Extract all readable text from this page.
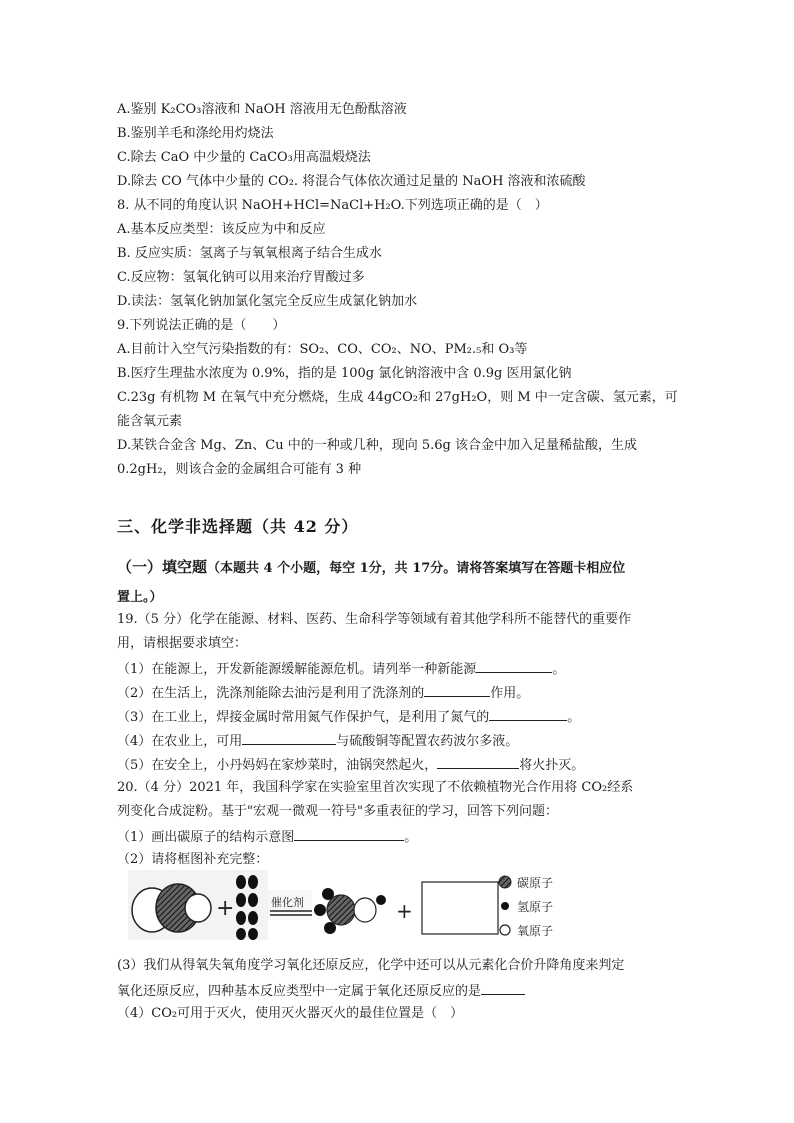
A.鉴别 K₂CO₃溶液和 NaOH 溶液用无色酚酞溶液
B.鉴别羊毛和涤纶用灼烧法
C.除去 CaO 中少量的 CaCO₃用高温煅烧法
D.除去 CO 气体中少量的 CO₂. 将混合气体依次通过足量的 NaOH 溶液和浓硫酸
8. 从不同的角度认识 NaOH+HCl=NaCl+H₂O.下列选项正确的是（　）
A.基本反应类型：该反应为中和反应
B. 反应实质：氢离子与氧氧根离子结合生成水
C.反应物：氢氧化钠可以用来治疗胃酸过多
D.读法：氢氧化钠加氯化氢完全反应生成氯化钠加水
9.下列说法正确的是（　　）
A.目前计入空气污染指数的有：SO₂、CO、CO₂、NO、PM₂.₅和 O₃等
B.医疗生理盐水浓度为 0.9%，指的是 100g 氯化钠溶液中含 0.9g 医用氯化钠
C.23g 有机物 M 在氧气中充分燃烧，生成 44gCO₂和 27gH₂O，则 M 中一定含碳、氢元素，可
能含氧元素
D.某铁合金含 Mg、Zn、Cu 中的一种或几种，现向 5.6g 该合金中加入足量稀盐酸，生成
0.2gH₂，则该合金的金属组合可能有 3 种
三、化学非选择题（共 42 分）
（一）填空题（本题共 4 个小题，每空 1分，共 17分。请将答案填写在答题卡相应位
置上。）
19.（5 分）化学在能源、材料、医药、生命科学等领域有着其他学科所不能替代的重要作
用，请根据要求填空：
（1）在能源上，开发新能源缓解能源危机。请列举一种新能源	。
（2）在生活上，洗涤剂能除去油污是利用了洗涤剂的	作用。
（3）在工业上，焊接金属时常用氮气作保护气，是利用了氮气的	。
（4）在农业上，可用	与硫酸铜等配置农药波尔多液。
（5）在安全上，小丹妈妈在家炒菜时，油锅突然起火，	将火扑灭。
20.（4 分）2021 年，我国科学家在实验室里首次实现了不依赖植物光合作用将 CO₂经系
列变化合成淀粉。基于"宏观一微观一符号"多重表征的学习，回答下列问题：
（1）画出碳原子的结构示意图	。
（2）请将框图补充完整：
+	催化剂	+
碳原子
氢原子
氧原子
(3）我们从得氧失氧角度学习氧化还原反应，化学中还可以从元素化合价升降角度来判定
氧化还原反应，四种基本反应类型中一定属于氧化还原反应的是
（4）CO₂可用于灭火，使用灭火器灭火的最佳位置是（　）
